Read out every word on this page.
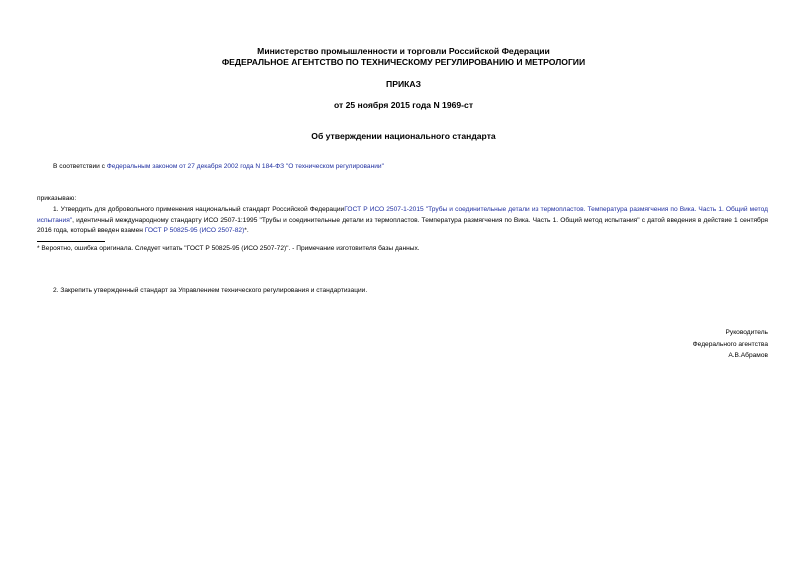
Министерство промышленности и торговли Российской Федерации
ФЕДЕРАЛЬНОЕ АГЕНТСТВО ПО ТЕХНИЧЕСКОМУ РЕГУЛИРОВАНИЮ И МЕТРОЛОГИИ
ПРИКАЗ
от 25 ноября 2015 года N 1969-ст
Об утверждении национального стандарта
В соответствии с Федеральным законом от 27 декабря 2002 года N 184-ФЗ "О техническом регулировании"
приказываю:
1. Утвердить для добровольного применения национальный стандарт Российской ФедерацииГОСТ Р ИСО 2507-1-2015 "Трубы и соединительные детали из термопластов. Температура размягчения по Вика. Часть 1. Общий метод испытания", идентичный международному стандарту ИСО 2507-1:1995 "Трубы и соединительные детали из термопластов. Температура размягчения по Вика. Часть 1. Общий метод испытания" с датой введения в действие 1 сентября 2016 года, который введен взамен ГОСТ Р 50825-95 (ИСО 2507-82)*.
* Вероятно, ошибка оригинала. Следует читать "ГОСТ Р 50825-95 (ИСО 2507-72)". - Примечание изготовителя базы данных.
2. Закрепить утвержденный стандарт за Управлением технического регулирования и стандартизации.
Руководитель
Федерального агентства
А.В.Абрамов
